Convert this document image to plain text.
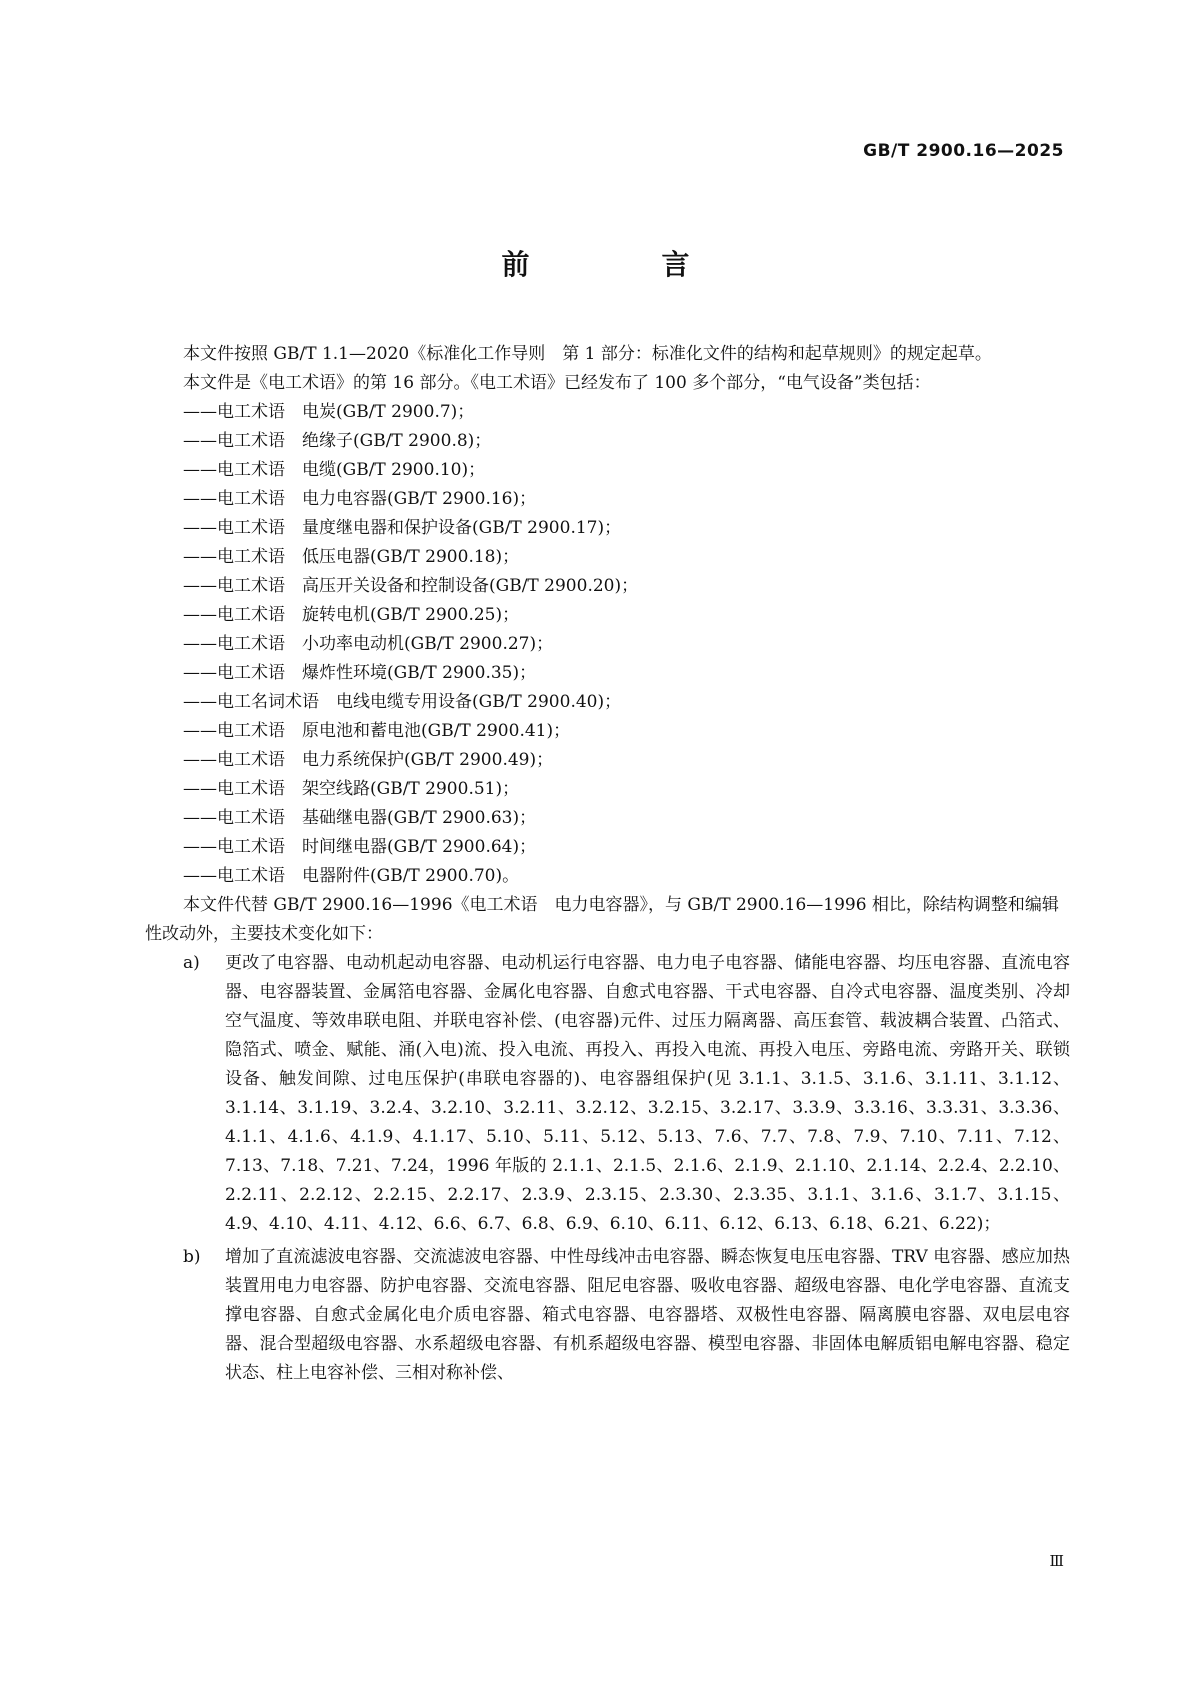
GB/T 2900.16—2025
前　言

本文件按照 GB/T 1.1—2020《标准化工作导则　第 1 部分：标准化文件的结构和起草规则》的规定起草。

本文件是《电工术语》的第 16 部分。《电工术语》已经发布了 100 多个部分，“电气设备”类包括：

——电工术语　电炭(GB/T 2900.7)；
——电工术语　绝缘子(GB/T 2900.8)；
——电工术语　电缆(GB/T 2900.10)；
——电工术语　电力电容器(GB/T 2900.16)；
——电工术语　量度继电器和保护设备(GB/T 2900.17)；
——电工术语　低压电器(GB/T 2900.18)；
——电工术语　高压开关设备和控制设备(GB/T 2900.20)；
——电工术语　旋转电机(GB/T 2900.25)；
——电工术语　小功率电动机(GB/T 2900.27)；
——电工术语　爆炸性环境(GB/T 2900.35)；
——电工名词术语　电线电缆专用设备(GB/T 2900.40)；
——电工术语　原电池和蓄电池(GB/T 2900.41)；
——电工术语　电力系统保护(GB/T 2900.49)；
——电工术语　架空线路(GB/T 2900.51)；
——电工术语　基础继电器(GB/T 2900.63)；
——电工术语　时间继电器(GB/T 2900.64)；
——电工术语　电器附件(GB/T 2900.70)。

本文件代替 GB/T 2900.16—1996《电工术语　电力电容器》，与 GB/T 2900.16—1996 相比，除结构调整和编辑性改动外，主要技术变化如下：

a) 更改了电容器、电动机起动电容器、电动机运行电容器、电力电子电容器、储能电容器、均压电容器、直流电容器、电容器装置、金属箔电容器、金属化电容器、自愈式电容器、干式电容器、自冷式电容器、温度类别、冷却空气温度、等效串联电阻、并联电容补偿、(电容器)元件、过压力隔离器、高压套管、载波耦合装置、凸箔式、隐箔式、喷金、赋能、涌(入电)流、投入电流、再投入、再投入电流、再投入电压、旁路电流、旁路开关、联锁设备、触发间隙、过电压保护(串联电容器的)、电容器组保护(见 3.1.1、3.1.5、3.1.6、3.1.11、3.1.12、3.1.14、3.1.19、3.2.4、3.2.10、3.2.11、3.2.12、3.2.15、3.2.17、3.3.9、3.3.16、3.3.31、3.3.36、4.1.1、4.1.6、4.1.9、4.1.17、5.10、5.11、5.12、5.13、7.6、7.7、7.8、7.9、7.10、7.11、7.12、7.13、7.18、7.21、7.24，1996 年版的 2.1.1、2.1.5、2.1.6、2.1.9、2.1.10、2.1.14、2.2.4、2.2.10、2.2.11、2.2.12、2.2.15、2.2.17、2.3.9、2.3.15、2.3.30、2.3.35、3.1.1、3.1.6、3.1.7、3.1.15、4.9、4.10、4.11、4.12、6.6、6.7、6.8、6.9、6.10、6.11、6.12、6.13、6.18、6.21、6.22)；
b) 增加了直流滤波电容器、交流滤波电容器、中性母线冲击电容器、瞬态恢复电压电容器、TRV 电容器、感应加热装置用电力电容器、防护电容器、交流电容器、阻尼电容器、吸收电容器、超级电容器、电化学电容器、直流支撑电容器、自愈式金属化电介质电容器、箱式电容器、电容器塔、双极性电容器、隔离膜电容器、双电层电容器、混合型超级电容器、水系超级电容器、有机系超级电容器、模型电容器、非固体电解质铝电解电容器、稳定状态、柱上电容补偿、三相对称补偿、
Ⅲ
